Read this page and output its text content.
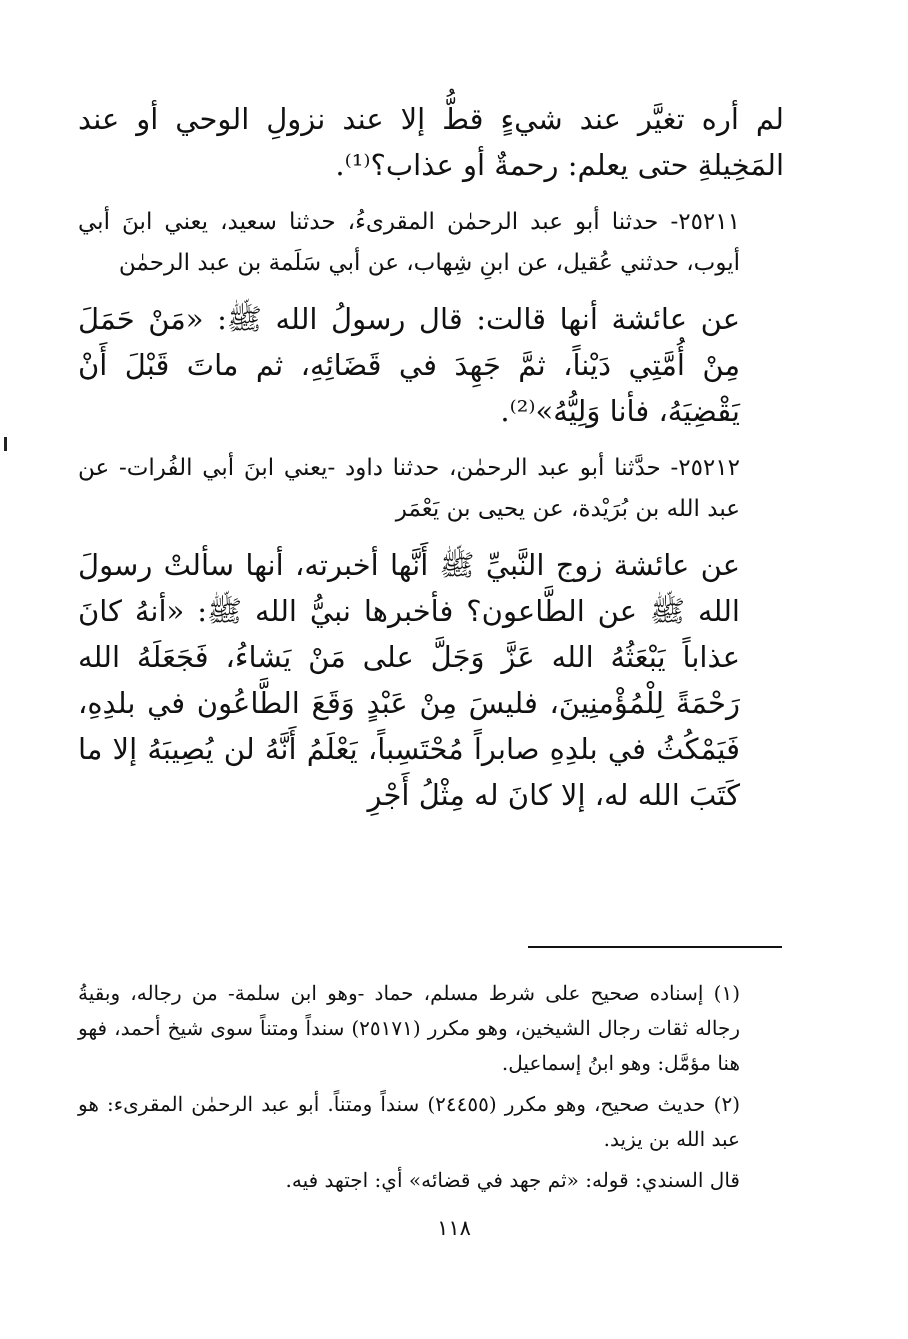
لم أره تغيَّر عند شيءٍ قطُّ إلا عند نزولِ الوحي أو عند المَخِيلةِ حتى يعلم: رحمةٌ أو عذاب؟⁽¹⁾.

٢٥٢١١- حدثنا أبو عبد الرحمٰن المقرىءُ، حدثنا سعيد، يعني ابنَ أبي أيوب، حدثني عُقيل، عن ابنِ شِهاب، عن أبي سَلَمة بن عبد الرحمٰن

عن عائشة أنها قالت: قال رسولُ الله ﷺ: «مَنْ حَمَلَ مِنْ أُمَّتِي دَيْناً، ثمَّ جَهِدَ في قَضَائِهِ، ثم ماتَ قَبْلَ أَنْ يَقْضِيَهُ، فأنا وَلِيُّهُ»⁽²⁾.

٢٥٢١٢- حدَّثنا أبو عبد الرحمٰن، حدثنا داود -يعني ابنَ أبي الفُرات- عن عبد الله بن بُرَيْدة، عن يحيى بن يَعْمَر

عن عائشة زوج النَّبيِّ ﷺ أَنَّها أخبرته، أنها سألتْ رسولَ الله ﷺ عن الطَّاعون؟ فأخبرها نبيُّ الله ﷺ: «أنهُ كانَ عذاباً يَبْعَثُهُ الله عَزَّ وَجَلَّ على مَنْ يَشاءُ، فَجَعَلَهُ الله رَحْمَةً لِلْمُؤْمنِينَ، فليسَ مِنْ عَبْدٍ وَقَعَ الطَّاعُون في بلدِهِ، فَيَمْكُثُ في بلدِهِ صابراً مُحْتَسِباً، يَعْلَمُ أَنَّهُ لن يُصِيبَهُ إلا ما كَتَبَ الله له، إلا كانَ له مِثْلُ أَجْرِ

(١) إسناده صحيح على شرط مسلم، حماد -وهو ابن سلمة- من رجاله، وبقيةُ رجاله ثقات رجال الشيخين، وهو مكرر (٢٥١٧١) سنداً ومتناً سوى شيخ أحمد، فهو هنا مؤمَّل: وهو ابنُ إسماعيل.

(٢) حديث صحيح، وهو مكرر (٢٤٤٥٥) سنداً ومتناً. أبو عبد الرحمٰن المقرىء: هو عبد الله بن يزيد.

قال السندي: قوله: «ثم جهد في قضائه» أي: اجتهد فيه.

١١٨
